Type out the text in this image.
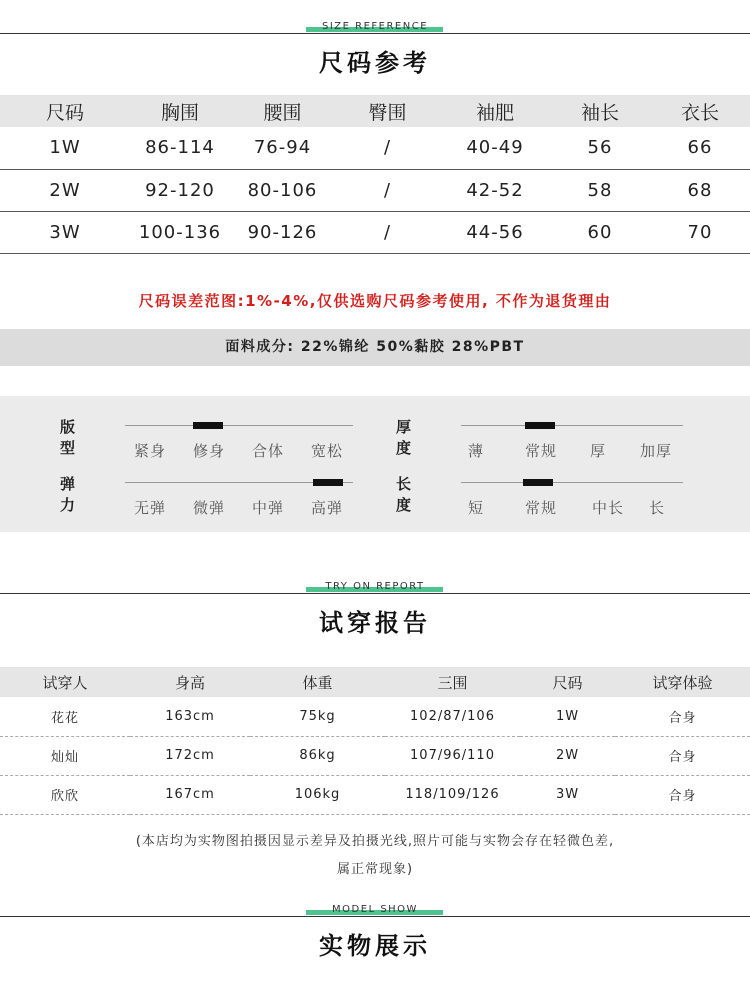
SIZE REFERENCE
尺码参考
尺码	胸围	腰围	臀围	袖肥	袖长	衣长
1W	86-114	76-94	/	40-49	56	66
2W	92-120	80-106	/	42-52	58	68
3W	100-136	90-126	/	44-56	60	70
尺码误差范图:1%-4%,仅供选购尺码参考使用, 不作为退货理由
面料成分: 22%锦纶 50%黏胶 28%PBT
版型	紧身	修身	合体	宽松
厚度	薄	常规	厚	加厚
弹力	无弹	微弹	中弹	高弹
长度	短	常规	中长	长
TRY ON REPORT
试穿报告
试穿人	身高	体重	三围	尺码	试穿体验
花花	163cm	75kg	102/87/106	1W	合身
灿灿	172cm	86kg	107/96/110	2W	合身
欣欣	167cm	106kg	118/109/126	3W	合身
(本店均为实物图拍摄因显示差异及拍摄光线,照片可能与实物会存在轻微色差,
属正常现象)
MODEL SHOW
实物展示
